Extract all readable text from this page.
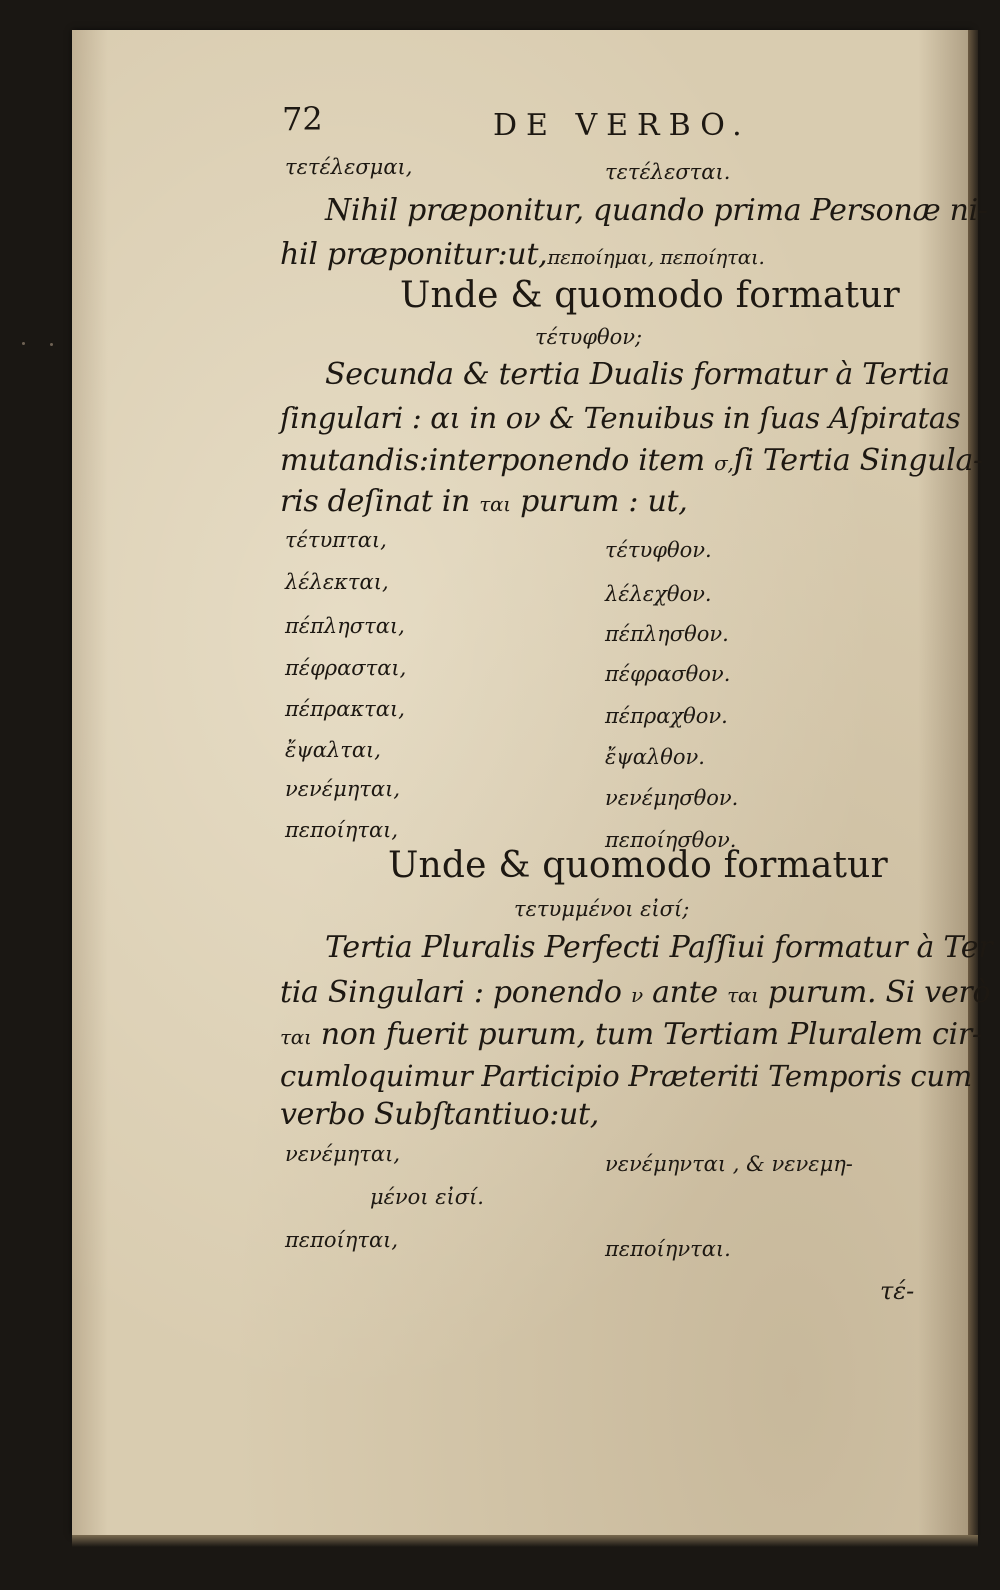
72	DE VERBO.

τετέλεσμαι,	τετέλεσται.

Nihil præponitur, quando prima Personæ ni-

hil præponitur:ut,πεποίημαι, πεποίηται.

Unde & quomodo formatur

τέτυφθον;

Secunda & tertia Dualis formatur à Tertia

ſingulari : αι in ον & Tenuibus in ſuas Aſpiratas

mutandis:interponendo item σ,ſi Tertia Singula-

ris deſinat in ται purum : ut,

τέτυπται,	τέτυφθον.

λέλεκται,	λέλεχθον.

πέπλησται,	πέπλησθον.

πέφρασται,	πέφρασθον.

πέπρακται,	πέπραχθον.

ἔψαλται,	ἔψαλθον.

νενέμηται,	νενέμησθον.

πεποίηται,	πεποίησθον.

Unde & quomodo formatur

τετυμμένοι εἰσί;

Tertia Pluralis Perfecti Paſſiui formatur à Ter

tia Singulari : ponendo ν ante ται purum. Si verò

ται non fuerit purum, tum Tertiam Pluralem cir-

cumloquimur Participio Præteriti Temporis cum

verbo Subſtantiuo:ut,

νενέμηται,	νενέμηνται , & νενεμη-

μένοι εἰσί.

πεποίηται,	πεποίηνται.

τέ-
